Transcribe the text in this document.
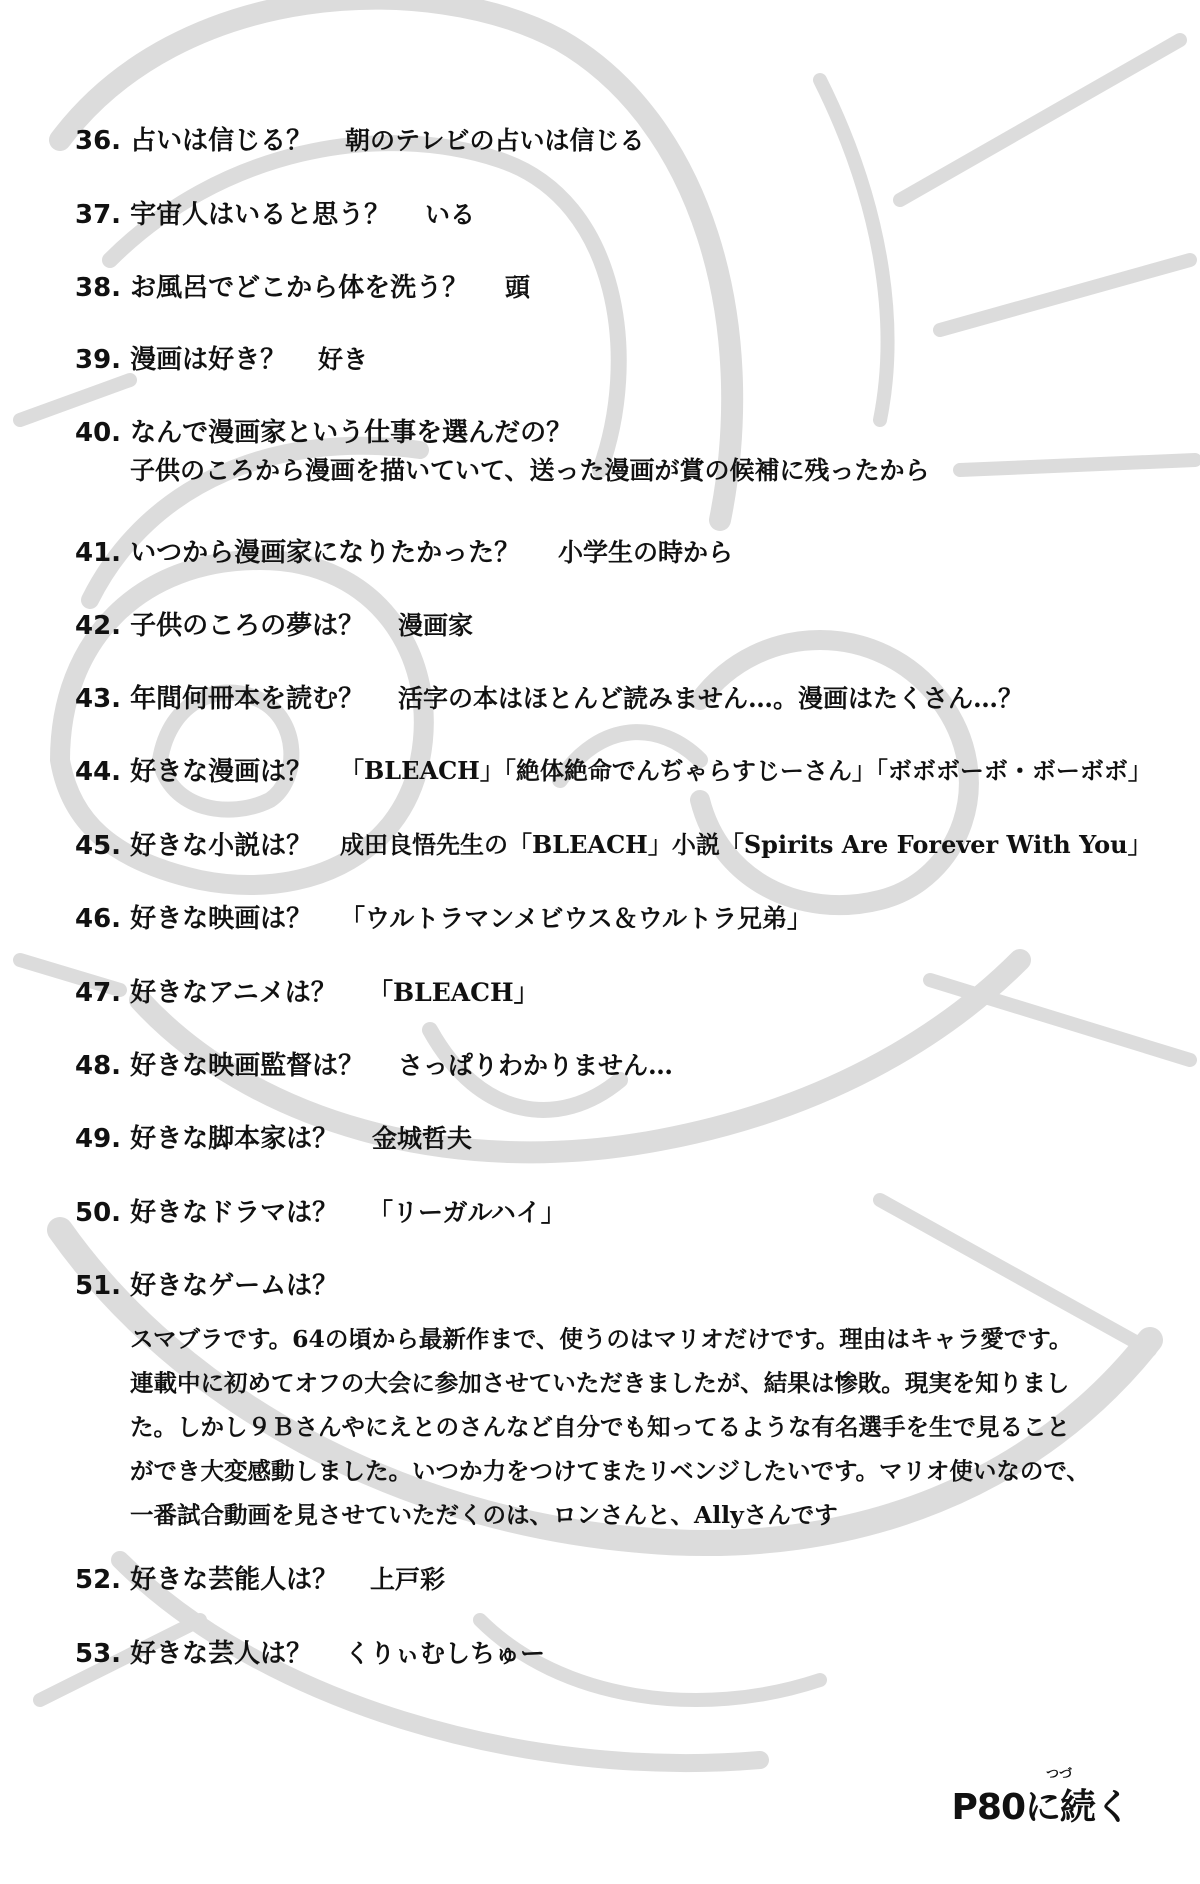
36. 占いは信じる？ 朝のテレビの占いは信じる
37. 宇宙人はいると思う？ いる
38. お風呂でどこから体を洗う？ 頭
39. 漫画は好き？ 好き
40. なんで漫画家という仕事を選んだの？
子供のころから漫画を描いていて、送った漫画が賞の候補に残ったから
41. いつから漫画家になりたかった？ 小学生の時から
42. 子供のころの夢は？ 漫画家
43. 年間何冊本を読む？ 活字の本はほとんど読みません…。漫画はたくさん…？
44. 好きな漫画は？ 「BLEACH」「絶体絶命でんぢゃらすじーさん」「ボボボーボ・ボーボボ」
45. 好きな小説は？ 成田良悟先生の「BLEACH」小説「Spirits Are Forever With You」
46. 好きな映画は？ 「ウルトラマンメビウス＆ウルトラ兄弟」
47. 好きなアニメは？ 「BLEACH」
48. 好きな映画監督は？ さっぱりわかりません…
49. 好きな脚本家は？ 金城哲夫
50. 好きなドラマは？ 「リーガルハイ」
51. 好きなゲームは？
スマブラです。64の頃から最新作まで、使うのはマリオだけです。理由はキャラ愛です。
連載中に初めてオフの大会に参加させていただきましたが、結果は惨敗。現実を知りまし
た。しかし９Ｂさんやにえとのさんなど自分でも知ってるような有名選手を生で見ること
ができ大変感動しました。いつか力をつけてまたリベンジしたいです。マリオ使いなので、
一番試合動画を見させていただくのは、ロンさんと、Allyさんです
52. 好きな芸能人は？ 上戸彩
53. 好きな芸人は？ くりぃむしちゅー
つづ
P80に続く
